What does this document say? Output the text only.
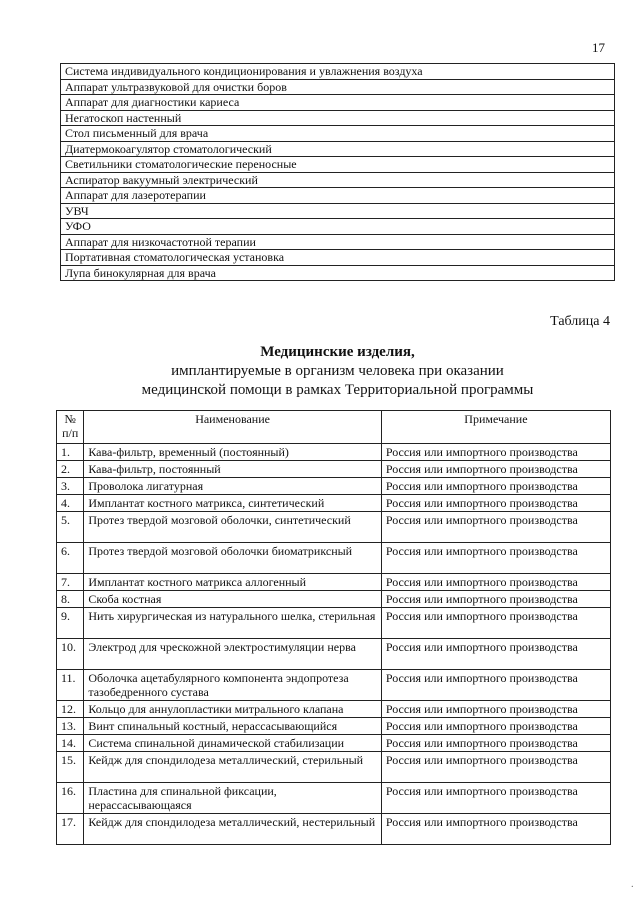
17
Система индивидуального кондиционирования и увлажнения воздуха
Аппарат ультразвуковой для очистки боров
Аппарат для диагностики кариеса
Негатоскоп настенный
Стол письменный для врача
Диатермокоагулятор стоматологический
Светильники стоматологические переносные
Аспиратор вакуумный электрический
Аппарат для лазеротерапии
УВЧ
УФО
Аппарат для низкочастотной терапии
Портативная стоматологическая установка
Лупа бинокулярная для врача
Таблица 4
Медицинские изделия,
имплантируемые в организм человека при оказании
медицинской помощи в рамках Территориальной программы
№ п/п	Наименование	Примечание
1.	Кава-фильтр, временный (постоянный)	Россия или импортного производства
2.	Кава-фильтр, постоянный	Россия или импортного производства
3.	Проволока лигатурная	Россия или импортного производства
4.	Имплантат костного матрикса, синтетический	Россия или импортного производства
5.	Протез твердой мозговой оболочки, синтетический	Россия или импортного производства
6.	Протез твердой мозговой оболочки биоматриксный	Россия или импортного производства
7.	Имплантат костного матрикса аллогенный	Россия или импортного производства
8.	Скоба костная	Россия или импортного производства
9.	Нить хирургическая из натурального шелка, стерильная	Россия или импортного производства
10.	Электрод для чрескожной электростимуляции нерва	Россия или импортного производства
11.	Оболочка ацетабулярного компонента эндопротеза тазобедренного сустава	Россия или импортного производства
12.	Кольцо для аннулопластики митрального клапана	Россия или импортного производства
13.	Винт спинальный костный, нерассасывающийся	Россия или импортного производства
14.	Система спинальной динамической стабилизации	Россия или импортного производства
15.	Кейдж для спондилодеза металлический, стерильный	Россия или импортного производства
16.	Пластина для спинальной фиксации, нерассасывающаяся	Россия или импортного производства
17.	Кейдж для спондилодеза металлический, нестерильный	Россия или импортного производства
·
